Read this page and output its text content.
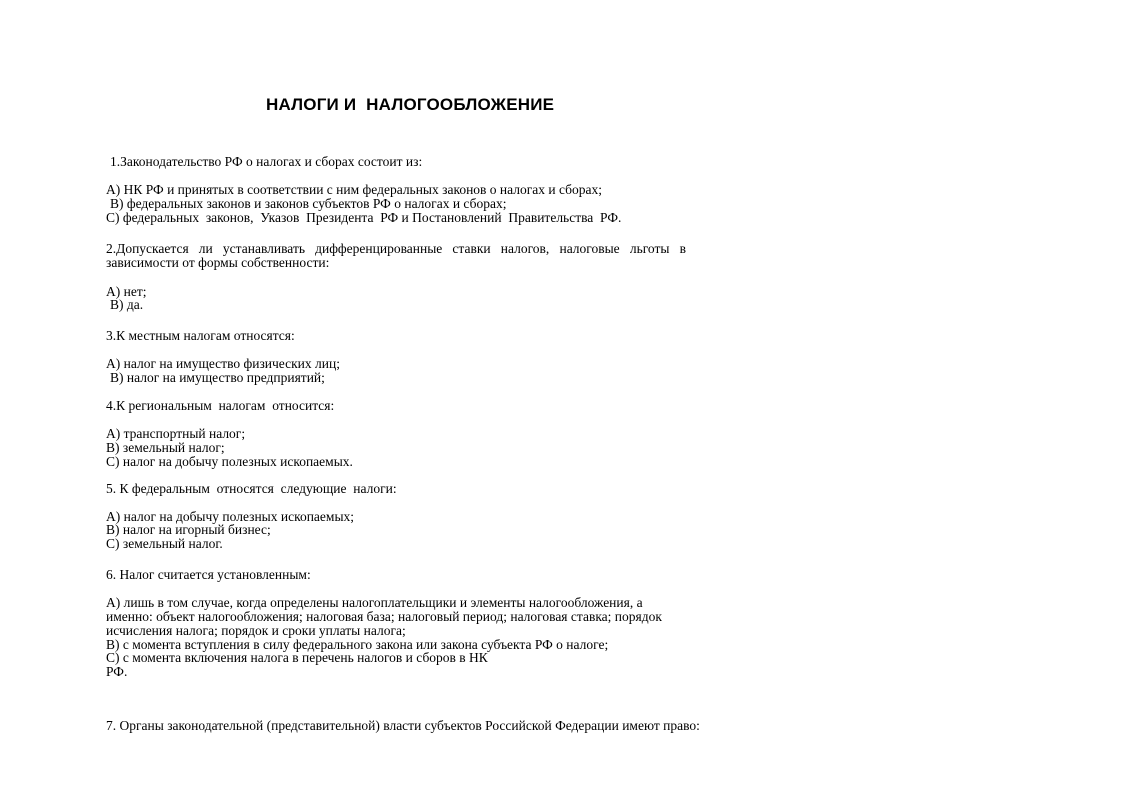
НАЛОГИ И  НАЛОГООБЛОЖЕНИЕ
1.Законодательство РФ о налогах и сборах состоит из:
А) НК РФ и принятых в соответствии с ним федеральных законов о налогах и сборах;
В) федеральных законов и законов субъектов РФ о налогах и сборах;
С) федеральных  законов,  Указов  Президента  РФ и Постановлений  Правительства  РФ.
2.Допускается ли устанавливать дифференцированные ставки налогов, налоговые льготы в зависимости от формы собственности:
А) нет;
В) да.
3.К местным налогам относятся:
А) налог на имущество физических лиц;
В) налог на имущество предприятий;
4.К региональным  налогам  относится:
А) транспортный налог;
В) земельный налог;
С) налог на добычу полезных ископаемых.
5. К федеральным  относятся  следующие  налоги:
А) налог на добычу полезных ископаемых;
В) налог на игорный бизнес;
С) земельный налог.
6. Налог считается установленным:
А) лишь в том случае, когда определены налогоплательщики и элементы налогообложения, а
именно: объект налогообложения; налоговая база; налоговый период; налоговая ставка; порядок
исчисления налога; порядок и сроки уплаты налога;
В) с момента вступления в силу федерального закона или закона субъекта РФ о налоге;
С) с момента включения налога в перечень налогов и сборов в НК
РФ.
7. Органы законодательной (представительной) власти субъектов Российской Федерации имеют право:
